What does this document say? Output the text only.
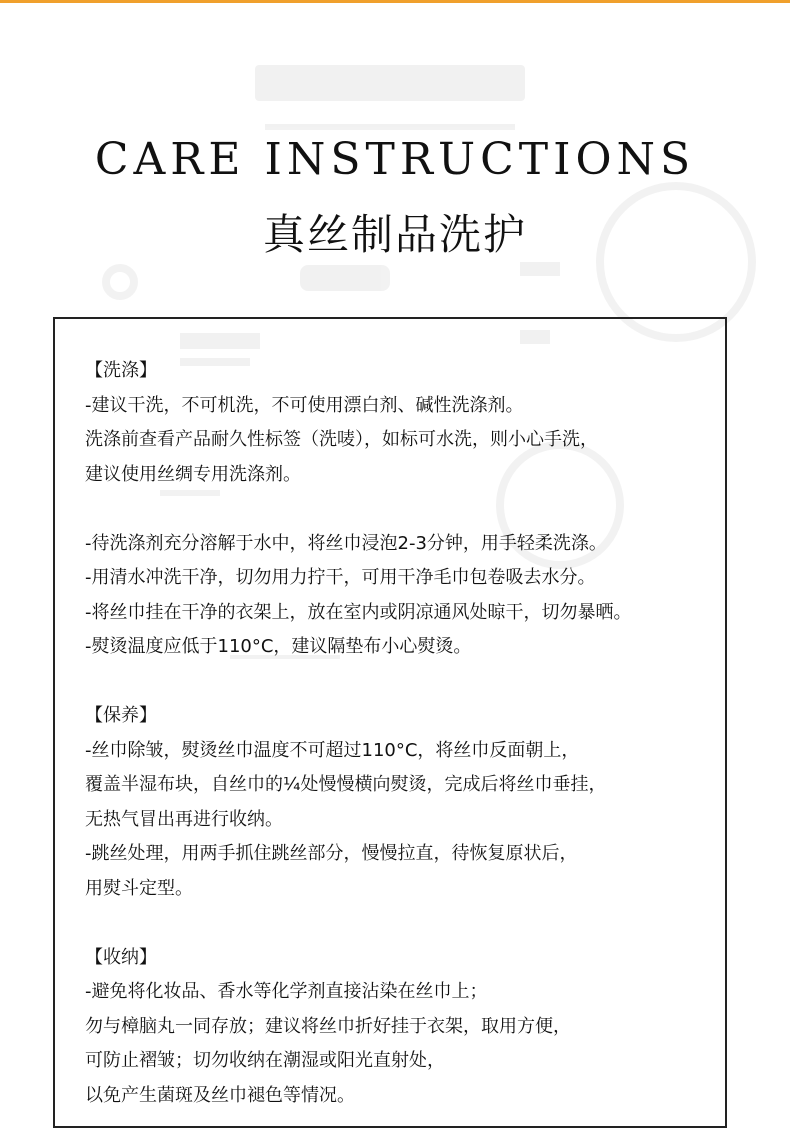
CARE INSTRUCTIONS
真丝制品洗护
【洗涤】
-建议干洗，不可机洗，不可使用漂白剂、碱性洗涤剂。
洗涤前查看产品耐久性标签（洗唛），如标可水洗，则小心手洗，
建议使用丝绸专用洗涤剂。
-待洗涤剂充分溶解于水中，将丝巾浸泡2-3分钟，用手轻柔洗涤。
-用清水冲洗干净，切勿用力拧干，可用干净毛巾包卷吸去水分。
-将丝巾挂在干净的衣架上，放在室内或阴凉通风处晾干，切勿暴晒。
-熨烫温度应低于110°C，建议隔垫布小心熨烫。
【保养】
-丝巾除皱，熨烫丝巾温度不可超过110°C，将丝巾反面朝上，
覆盖半湿布块，自丝巾的¼处慢慢横向熨烫，完成后将丝巾垂挂，
无热气冒出再进行收纳。
-跳丝处理，用两手抓住跳丝部分，慢慢拉直，待恢复原状后，
用熨斗定型。
【收纳】
-避免将化妆品、香水等化学剂直接沾染在丝巾上；
勿与樟脑丸一同存放；建议将丝巾折好挂于衣架，取用方便，
可防止褶皱；切勿收纳在潮湿或阳光直射处，
以免产生菌斑及丝巾褪色等情况。
